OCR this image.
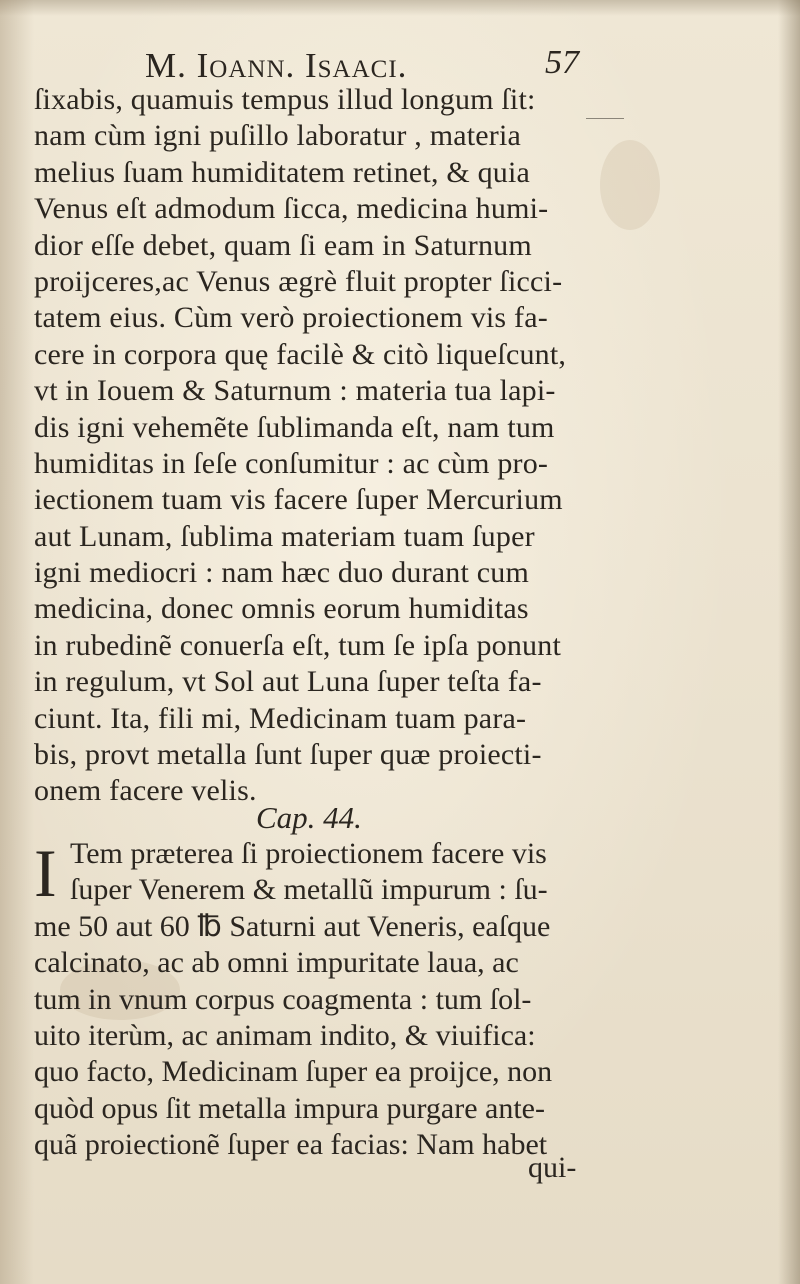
M. Ioann. Isaaci.	57
ſixabis, quamuis tempus illud longum ſit:
nam cùm igni puſillo laboratur , materia
melius ſuam humiditatem retinet, & quia
Venus eſt admodum ſicca, medicina humi-
dior eſſe debet, quam ſi eam in Saturnum
proijceres,ac Venus ægrè fluit propter ſicci-
tatem eius. Cùm verò proiectionem vis fa-
cere in corpora quę facilè & citò liqueſcunt,
vt in Iouem & Saturnum : materia tua lapi-
dis igni vehemẽte ſublimanda eſt, nam tum
humiditas in ſeſe conſumitur : ac cùm pro-
iectionem tuam vis facere ſuper Mercurium
aut Lunam, ſublima materiam tuam ſuper
igni mediocri : nam hæc duo durant cum
medicina, donec omnis eorum humiditas
in rubedinẽ conuerſa eſt, tum ſe ipſa ponunt
in regulum, vt Sol aut Luna ſuper teſta fa-
ciunt. Ita, fili mi, Medicinam tuam para-
bis, provt metalla ſunt ſuper quæ proiecti-
onem facere velis.
Cap. 44.
I Tem præterea ſi proiectionem facere vis
ſuper Venerem & metallũ impurum : ſu-
me 50 aut 60 ℔ Saturni aut Veneris, eaſque
calcinato, ac ab omni impuritate laua, ac
tum in vnum corpus coagmenta : tum ſol-
uito iterùm, ac animam indito, & viuifica:
quo facto, Medicinam ſuper ea proijce, non
quòd opus ſit metalla impura purgare ante-
quã proiectionẽ ſuper ea facias: Nam habet
qui-
